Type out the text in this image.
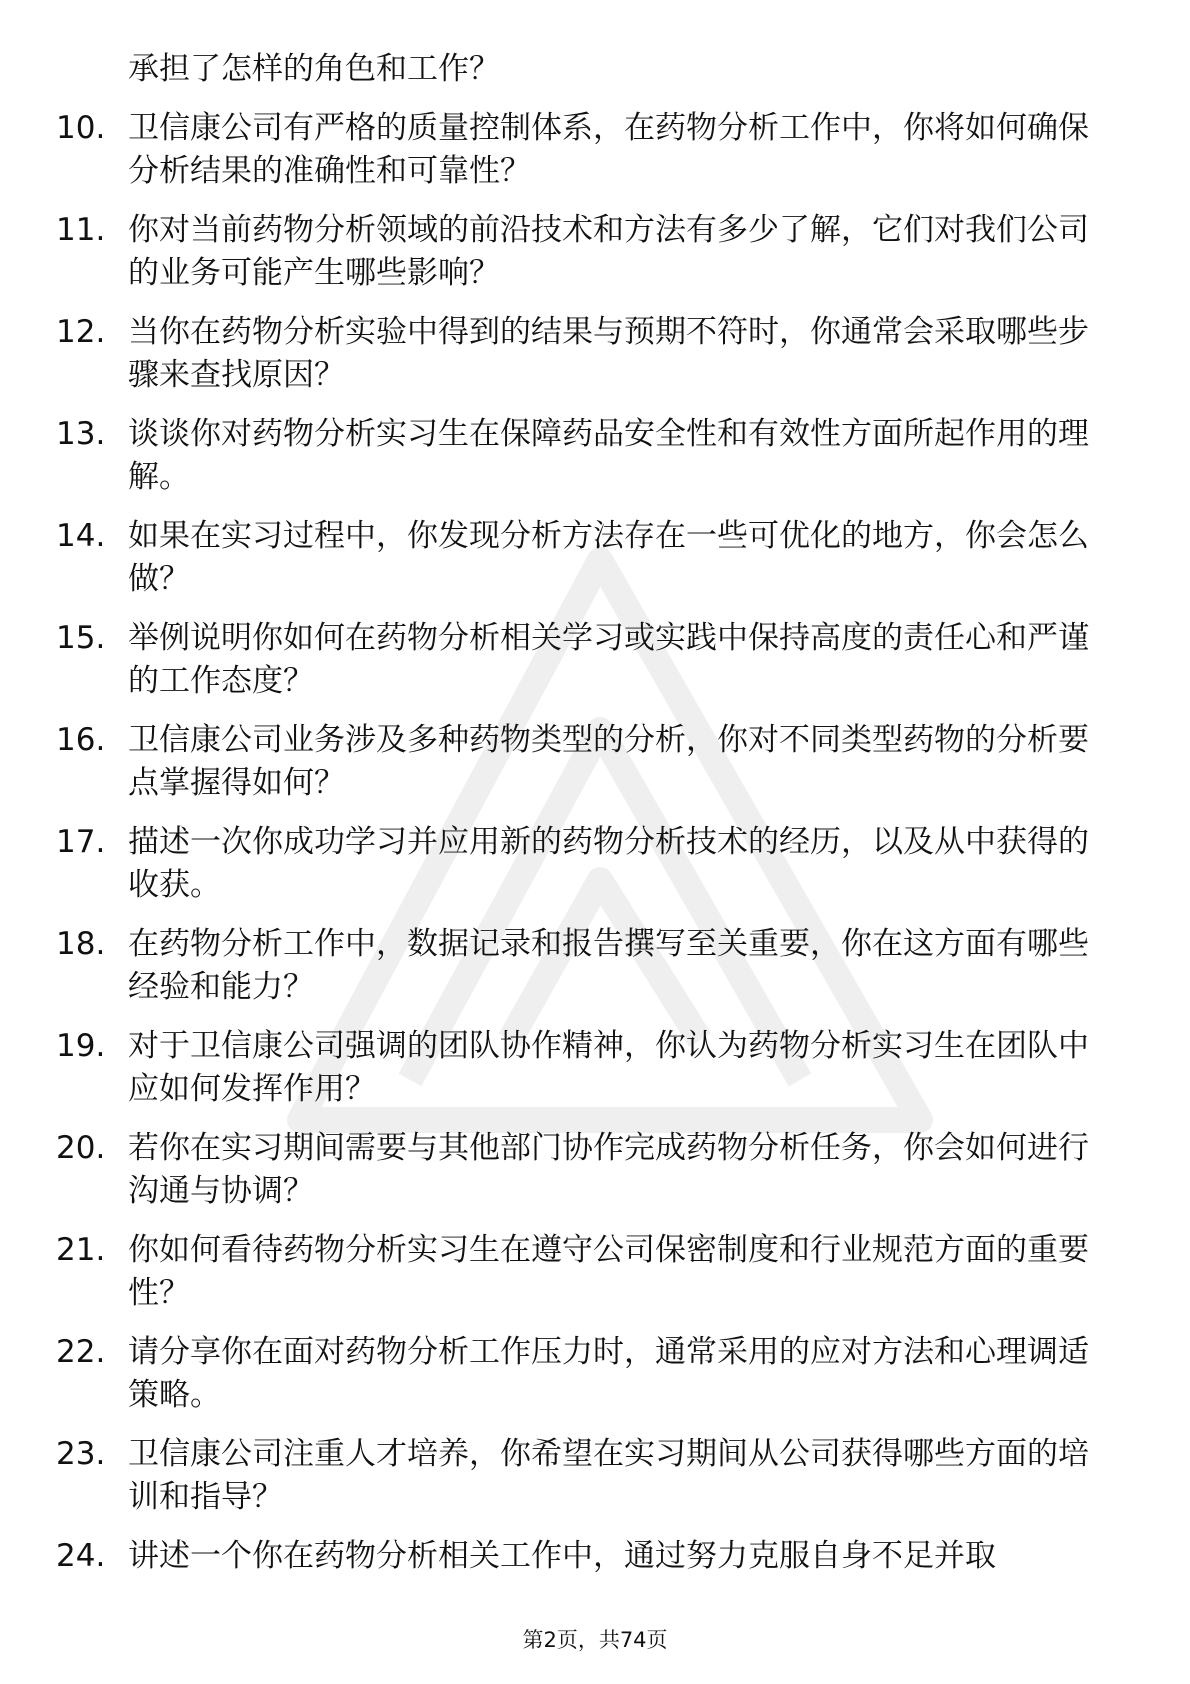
承担了怎样的角色和工作？
10. 卫信康公司有严格的质量控制体系，在药物分析工作中，你将如何确保分析结果的准确性和可靠性？
11. 你对当前药物分析领域的前沿技术和方法有多少了解，它们对我们公司的业务可能产生哪些影响？
12. 当你在药物分析实验中得到的结果与预期不符时，你通常会采取哪些步骤来查找原因？
13. 谈谈你对药物分析实习生在保障药品安全性和有效性方面所起作用的理解。
14. 如果在实习过程中，你发现分析方法存在一些可优化的地方，你会怎么做？
15. 举例说明你如何在药物分析相关学习或实践中保持高度的责任心和严谨的工作态度？
16. 卫信康公司业务涉及多种药物类型的分析，你对不同类型药物的分析要点掌握得如何？
17. 描述一次你成功学习并应用新的药物分析技术的经历，以及从中获得的收获。
18. 在药物分析工作中，数据记录和报告撰写至关重要，你在这方面有哪些经验和能力？
19. 对于卫信康公司强调的团队协作精神，你认为药物分析实习生在团队中应如何发挥作用？
20. 若你在实习期间需要与其他部门协作完成药物分析任务，你会如何进行沟通与协调？
21. 你如何看待药物分析实习生在遵守公司保密制度和行业规范方面的重要性？
22. 请分享你在面对药物分析工作压力时，通常采用的应对方法和心理调适策略。
23. 卫信康公司注重人才培养，你希望在实习期间从公司获得哪些方面的培训和指导？
24. 讲述一个你在药物分析相关工作中，通过努力克服自身不足并取
第2页，共74页
